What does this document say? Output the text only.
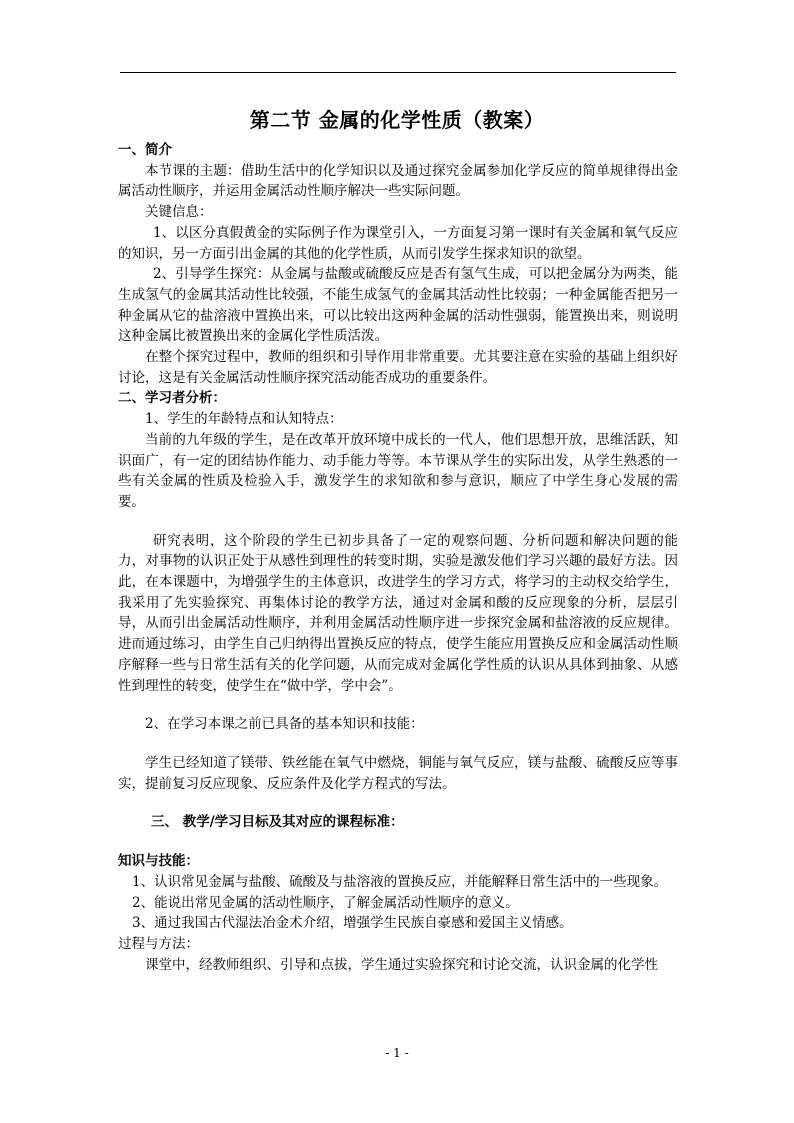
第二节 金属的化学性质（教案）

一、简介

本节课的主题：借助生活中的化学知识以及通过探究金属参加化学反应的简单规律得出金属活动性顺序，并运用金属活动性顺序解决一些实际问题。

关键信息：

1、以区分真假黄金的实际例子作为课堂引入，一方面复习第一课时有关金属和氧气反应的知识，另一方面引出金属的其他的化学性质，从而引发学生探求知识的欲望。

2、引导学生探究：从金属与盐酸或硫酸反应是否有氢气生成，可以把金属分为两类，能生成氢气的金属其活动性比较强，不能生成氢气的金属其活动性比较弱；一种金属能否把另一种金属从它的盐溶液中置换出来，可以比较出这两种金属的活动性强弱，能置换出来，则说明这种金属比被置换出来的金属化学性质活泼。

在整个探究过程中，教师的组织和引导作用非常重要。尤其要注意在实验的基础上组织好讨论，这是有关金属活动性顺序探究活动能否成功的重要条件。

二、学习者分析：

1、学生的年龄特点和认知特点：

当前的九年级的学生，是在改革开放环境中成长的一代人，他们思想开放，思维活跃，知识面广，有一定的团结协作能力、动手能力等等。本节课从学生的实际出发，从学生熟悉的一些有关金属的性质及检验入手，激发学生的求知欲和参与意识，顺应了中学生身心发展的需要。

研究表明，这个阶段的学生已初步具备了一定的观察问题、分析问题和解决问题的能力，对事物的认识正处于从感性到理性的转变时期，实验是激发他们学习兴趣的最好方法。因此，在本课题中，为增强学生的主体意识，改进学生的学习方式，将学习的主动权交给学生，我采用了先实验探究、再集体讨论的教学方法，通过对金属和酸的反应现象的分析，层层引导，从而引出金属活动性顺序，并利用金属活动性顺序进一步探究金属和盐溶液的反应规律。进而通过练习，由学生自己归纳得出置换反应的特点，使学生能应用置换反应和金属活动性顺序解释一些与日常生活有关的化学问题，从而完成对金属化学性质的认识从具体到抽象、从感性到理性的转变，使学生在“做中学，学中会”。

2、在学习本课之前已具备的基本知识和技能：

学生已经知道了镁带、铁丝能在氧气中燃烧，铜能与氧气反应，镁与盐酸、硫酸反应等事实，提前复习反应现象、反应条件及化学方程式的写法。

三、 教学/学习目标及其对应的课程标准：

知识与技能：

1、认识常见金属与盐酸、硫酸及与盐溶液的置换反应，并能解释日常生活中的一些现象。

2、能说出常见金属的活动性顺序，了解金属活动性顺序的意义。

3、通过我国古代湿法冶金术介绍，增强学生民族自豪感和爱国主义情感。

过程与方法：

课堂中，经教师组织、引导和点拔，学生通过实验探究和讨论交流，认识金属的化学性

- 1 -
